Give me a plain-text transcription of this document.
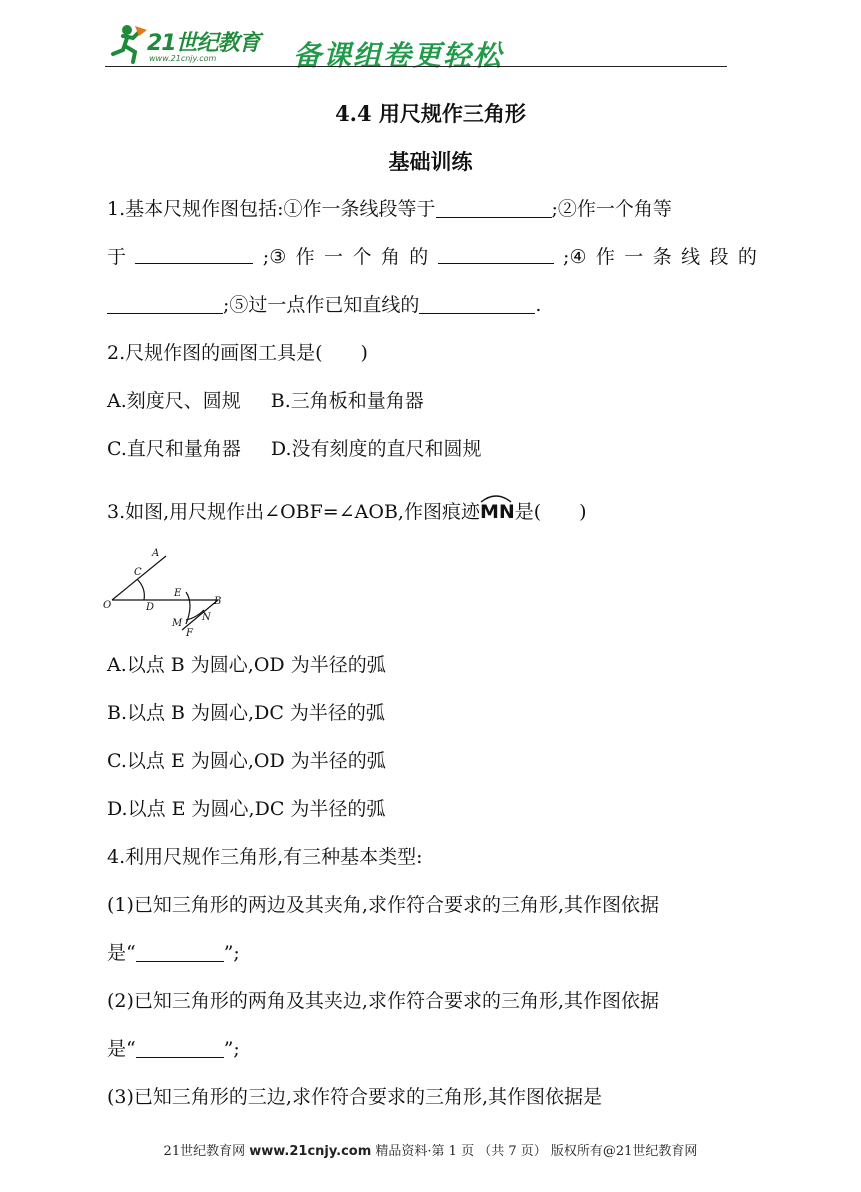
21世纪教育
www.21cnjy.com	备课组卷更轻松
4.4 用尺规作三角形
基础训练
1.基本尺规作图包括:①作一条线段等于	;②作一个角等
于	;③ 作 一 个 角 的	;④ 作 一 条 线 段 的
;⑤过一点作已知直线的	.
2.尺规作图的画图工具是(　　)
A.刻度尺、圆规 B.三角板和量角器
C.直尺和量角器 D.没有刻度的直尺和圆规
3.如图,用尺规作出∠OBF=∠AOB,作图痕迹
MN是(　　)
A
C
O	D
E
B
M
N
F
A.以点 B 为圆心,OD 为半径的弧
B.以点 B 为圆心,DC 为半径的弧
C.以点 E 为圆心,OD 为半径的弧
D.以点 E 为圆心,DC 为半径的弧
4.利用尺规作三角形,有三种基本类型:
(1)已知三角形的两边及其夹角,求作符合要求的三角形,其作图依据
是“	”;
(2)已知三角形的两角及其夹边,求作符合要求的三角形,其作图依据
是“	”;
(3)已知三角形的三边,求作符合要求的三角形,其作图依据是
21世纪教育网 www.21cnjy.com 精品资料·第 1 页 （共 7 页） 版权所有@21世纪教育网
